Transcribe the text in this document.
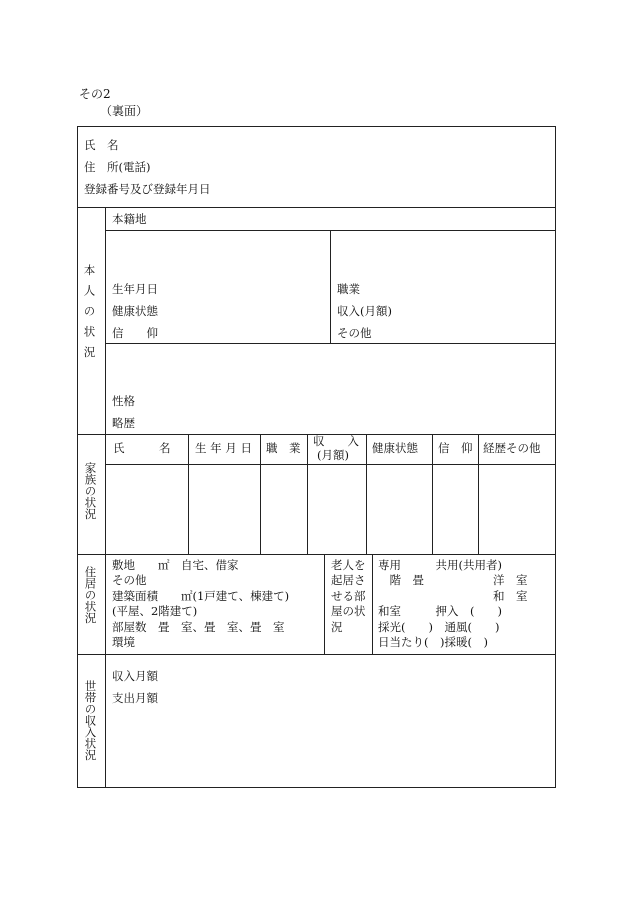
その2
（裏面）
氏　名
住　所(電話)
登録番号及び登録年月日
本人の状況
本籍地
生年月日
健康状態
信　　仰
職業
収入(月額)
その他
性格
略歴
家族の状況
氏　　　名 生 年 月 日 職　業 収　　入
(月額) 健康状態 信　仰 経歴その他
住居の状況
敷地　　㎡　自宅、借家
その他
建築面積　　㎡(1戸建て、棟建て)
(平屋、2階建て)
部屋数　畳　室、畳　室、畳　室
環境
老人を
起居さ
せる部
屋の状
況
専用　　　共用(共用者)
　階　畳　　　　　　洋　室
　　　　　　　　　　和　室
和室　　　押入　(　　)
採光(　　)　通風(　　)
日当たり(　)採暖(　)
世帯の収入状況
収入月額
支出月額
